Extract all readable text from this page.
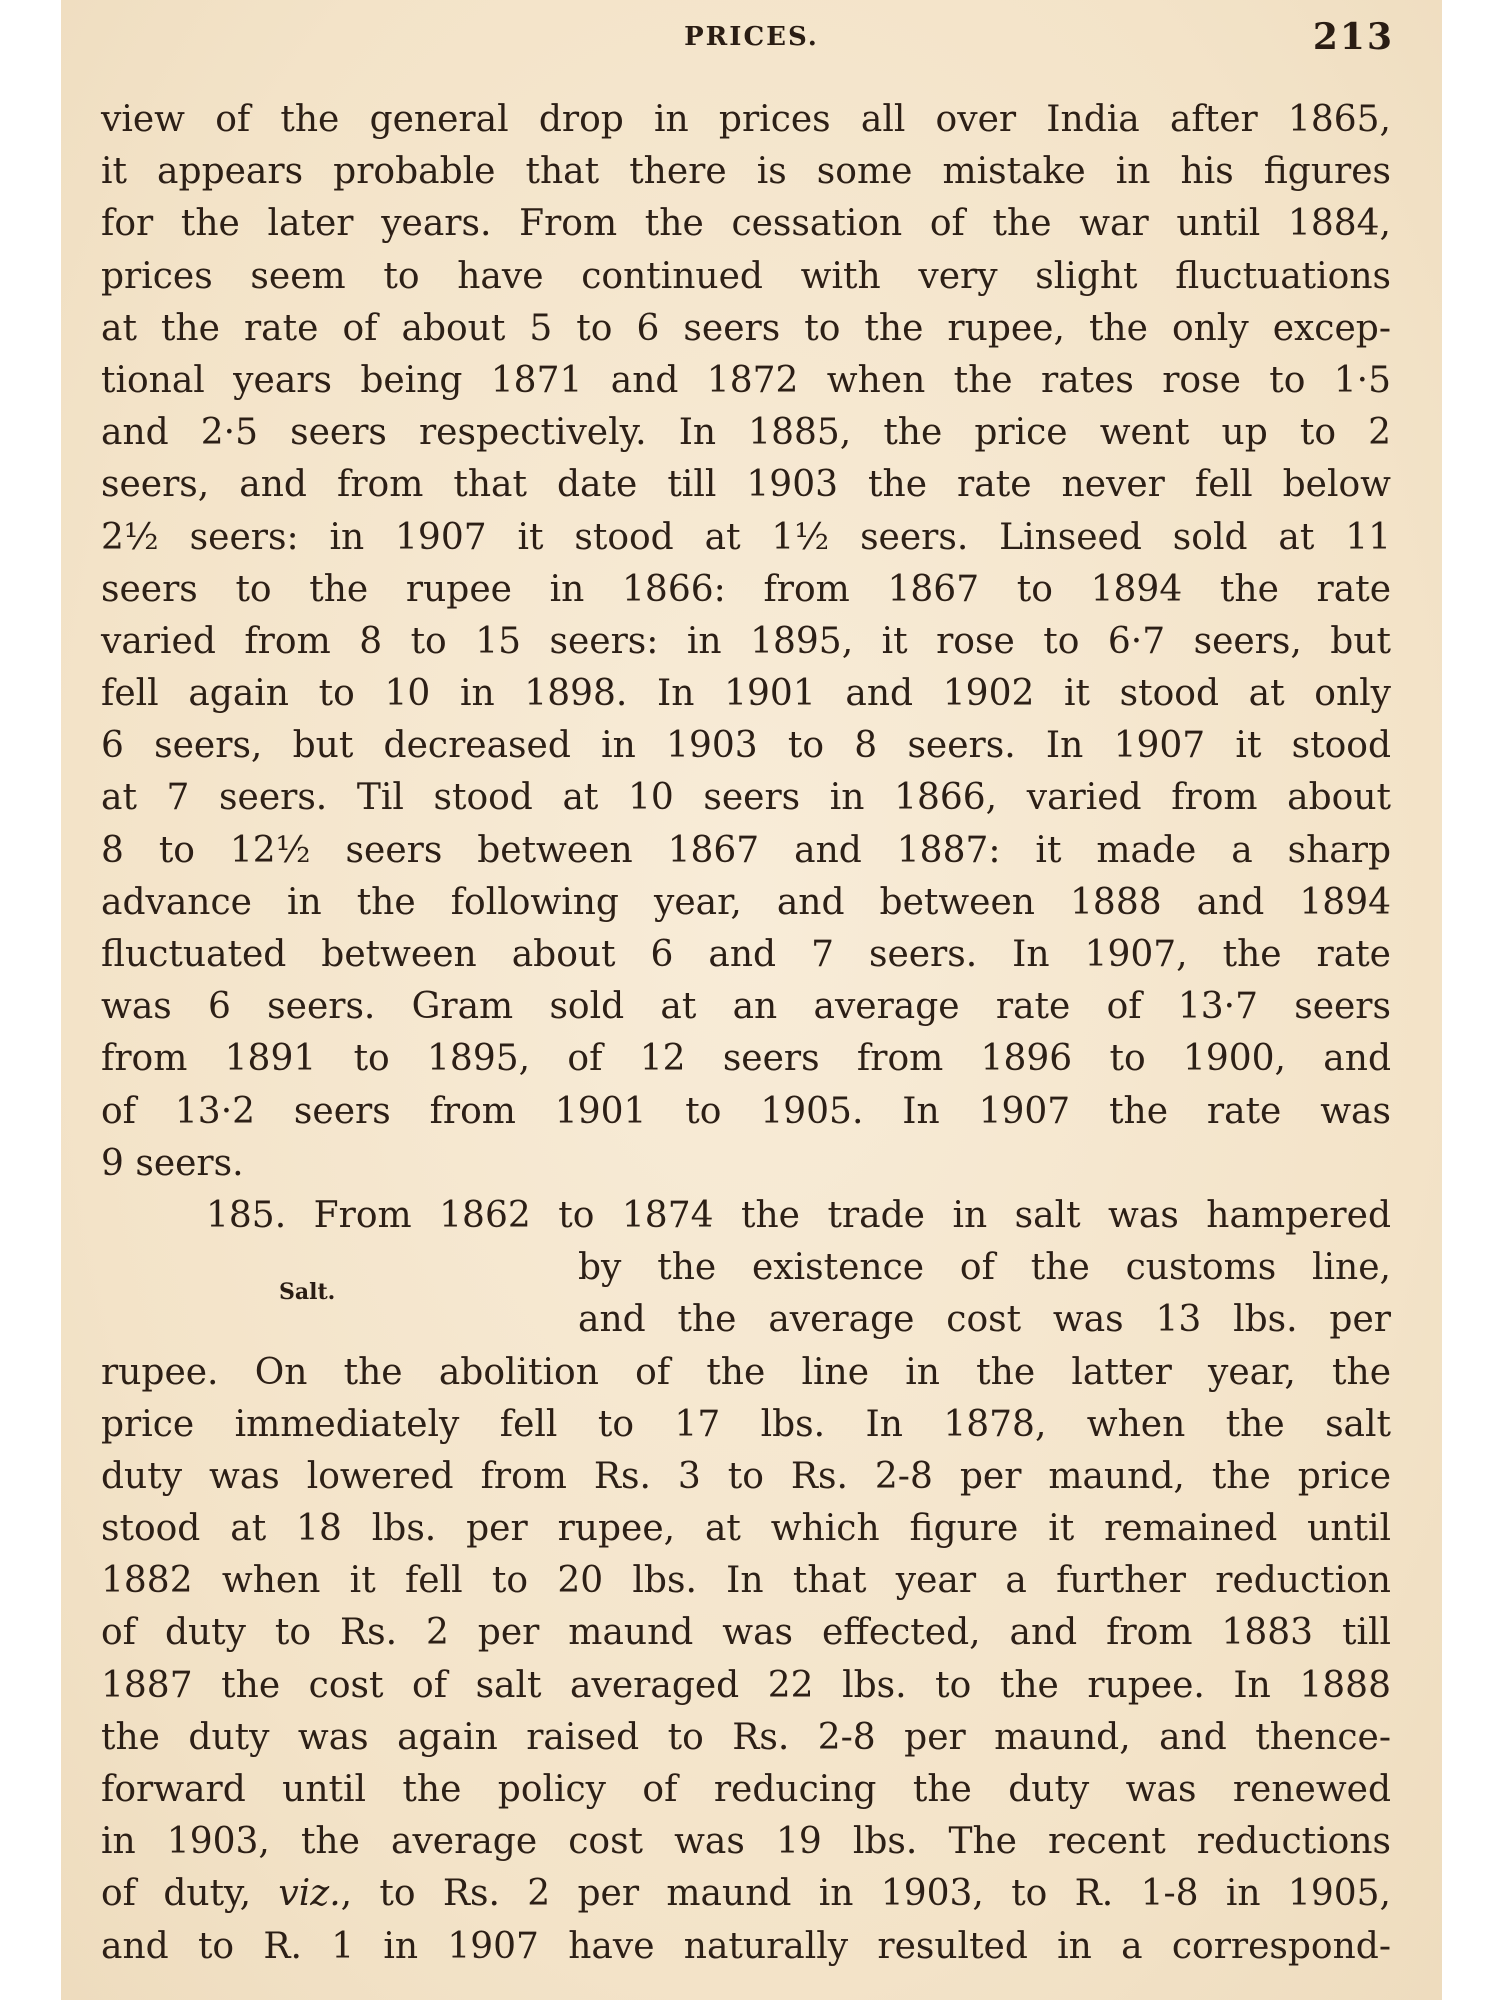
PRICES.	213
view of the general drop in prices all over India after 1865,
it appears probable that there is some mistake in his figures
for the later years. From the cessation of the war until 1884,
prices seem to have continued with very slight fluctuations
at the rate of about 5 to 6 seers to the rupee, the only excep-
tional years being 1871 and 1872 when the rates rose to 1·5
and 2·5 seers respectively. In 1885, the price went up to 2
seers, and from that date till 1903 the rate never fell below
2½ seers: in 1907 it stood at 1½ seers. Linseed sold at 11
seers to the rupee in 1866: from 1867 to 1894 the rate
varied from 8 to 15 seers: in 1895, it rose to 6·7 seers, but
fell again to 10 in 1898. In 1901 and 1902 it stood at only
6 seers, but decreased in 1903 to 8 seers. In 1907 it stood
at 7 seers. Til stood at 10 seers in 1866, varied from about
8 to 12½ seers between 1867 and 1887: it made a sharp
advance in the following year, and between 1888 and 1894
fluctuated between about 6 and 7 seers. In 1907, the rate
was 6 seers. Gram sold at an average rate of 13·7 seers
from 1891 to 1895, of 12 seers from 1896 to 1900, and
of 13·2 seers from 1901 to 1905. In 1907 the rate was
9 seers.
185. From 1862 to 1874 the trade in salt was hampered
by the existence of the customs line,
Salt.
and the average cost was 13 lbs. per
rupee. On the abolition of the line in the latter year, the
price immediately fell to 17 lbs. In 1878, when the salt
duty was lowered from Rs. 3 to Rs. 2-8 per maund, the price
stood at 18 lbs. per rupee, at which figure it remained until
1882 when it fell to 20 lbs. In that year a further reduction
of duty to Rs. 2 per maund was effected, and from 1883 till
1887 the cost of salt averaged 22 lbs. to the rupee. In 1888
the duty was again raised to Rs. 2-8 per maund, and thence-
forward until the policy of reducing the duty was renewed
in 1903, the average cost was 19 lbs. The recent reductions
of duty, viz., to Rs. 2 per maund in 1903, to R. 1-8 in 1905,
and to R. 1 in 1907 have naturally resulted in a correspond-
